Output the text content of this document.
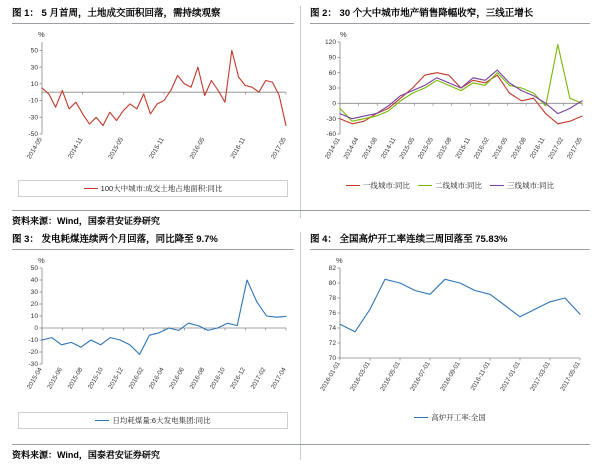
图 1： 5 月首周，土地成交面积回落，需持续观察
%
-50
-30
-10
10
30
50
2014-05	2014-11	2015-05	2015-11	2016-05	2016-11	2017-05
100大中城市:成交土地占地面积:同比
图 2： 30 个大中城市地产销售降幅收窄，三线正增长
%
-60
-30
0
30
60
90
120
2014-01 2014-04 2014-08 2014-11 2015-05 2015-05 2015-08 2015-11 2016-02 2016-05 2016-08 2016-11 2017-02 2017-05
一线城市:同比	二线城市:同比	三线城市:同比
资料来源：Wind，国泰君安证券研究
图 3： 发电耗煤连续两个月回落，同比降至 9.7%
%
-30
-20
-10
0
10
20
30
40
50
2015-04 2015-06 2015-08 2015-10 2015-12 2016-02 2016-04 2016-06 2016-08 2016-10 2016-12 2017-02 2017-04
日均耗煤量:6大发电集团:同比
图 4： 全国高炉开工率连续三周回落至 75.83%
%
70
72
74
76
78
80
82
2016-01-01 2016-03-01 2016-05-01 2016-07-01 2016-09-01 2016-11-01 2017-01-01 2017-03-01 2017-05-01
高炉开工率:全国
资料来源：Wind，国泰君安证券研究
